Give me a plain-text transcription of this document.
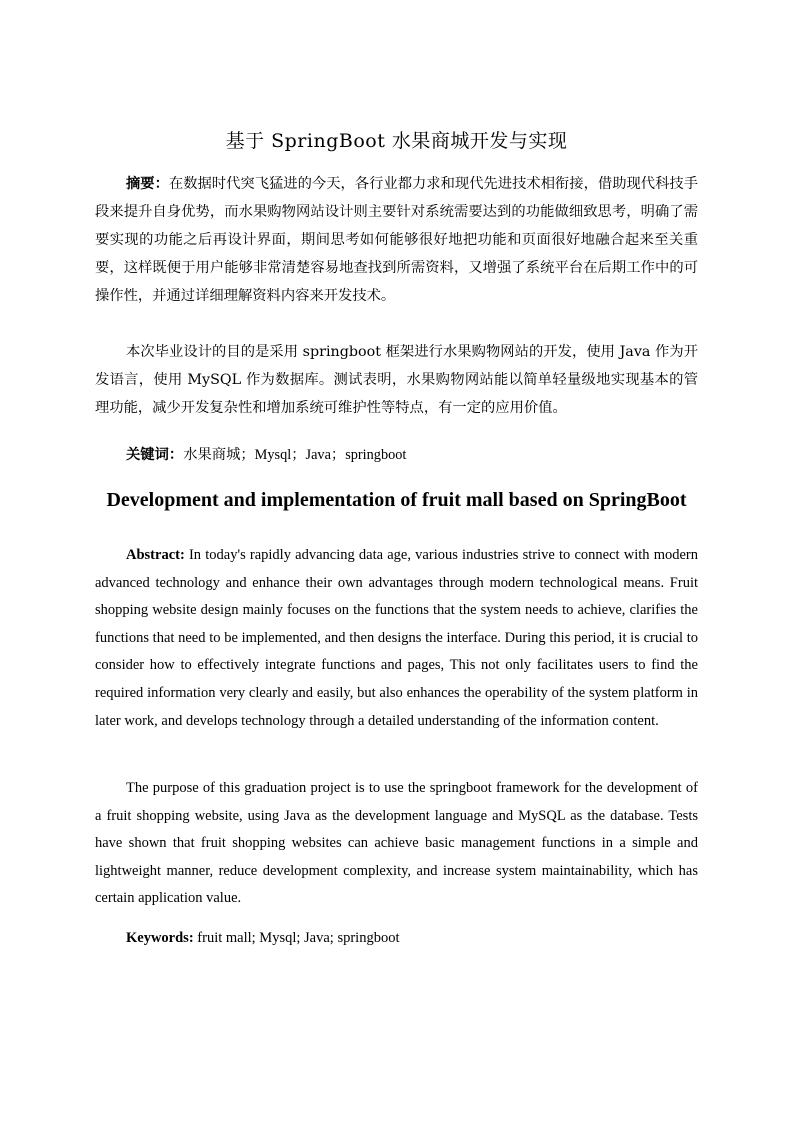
基于 SpringBoot 水果商城开发与实现

摘要：在数据时代突飞猛进的今天，各行业都力求和现代先进技术相衔接，借助现代科技手段来提升自身优势，而水果购物网站设计则主要针对系统需要达到的功能做细致思考，明确了需要实现的功能之后再设计界面，期间思考如何能够很好地把功能和页面很好地融合起来至关重要，这样既便于用户能够非常清楚容易地查找到所需资料，又增强了系统平台在后期工作中的可操作性，并通过详细理解资料内容来开发技术。

本次毕业设计的目的是采用 springboot 框架进行水果购物网站的开发，使用 Java 作为开发语言，使用 MySQL 作为数据库。测试表明，水果购物网站能以简单轻量级地实现基本的管理功能，减少开发复杂性和增加系统可维护性等特点，有一定的应用价值。

关键词：水果商城；Mysql；Java；springboot

Development and implementation of fruit mall based on SpringBoot

Abstract: In today's rapidly advancing data age, various industries strive to connect with modern advanced technology and enhance their own advantages through modern technological means. Fruit shopping website design mainly focuses on the functions that the system needs to achieve, clarifies the functions that need to be implemented, and then designs the interface. During this period, it is crucial to consider how to effectively integrate functions and pages, This not only facilitates users to find the required information very clearly and easily, but also enhances the operability of the system platform in later work, and develops technology through a detailed understanding of the information content.

The purpose of this graduation project is to use the springboot framework for the development of a fruit shopping website, using Java as the development language and MySQL as the database. Tests have shown that fruit shopping websites can achieve basic management functions in a simple and lightweight manner, reduce development complexity, and increase system maintainability, which has certain application value.

Keywords: fruit mall; Mysql; Java; springboot
